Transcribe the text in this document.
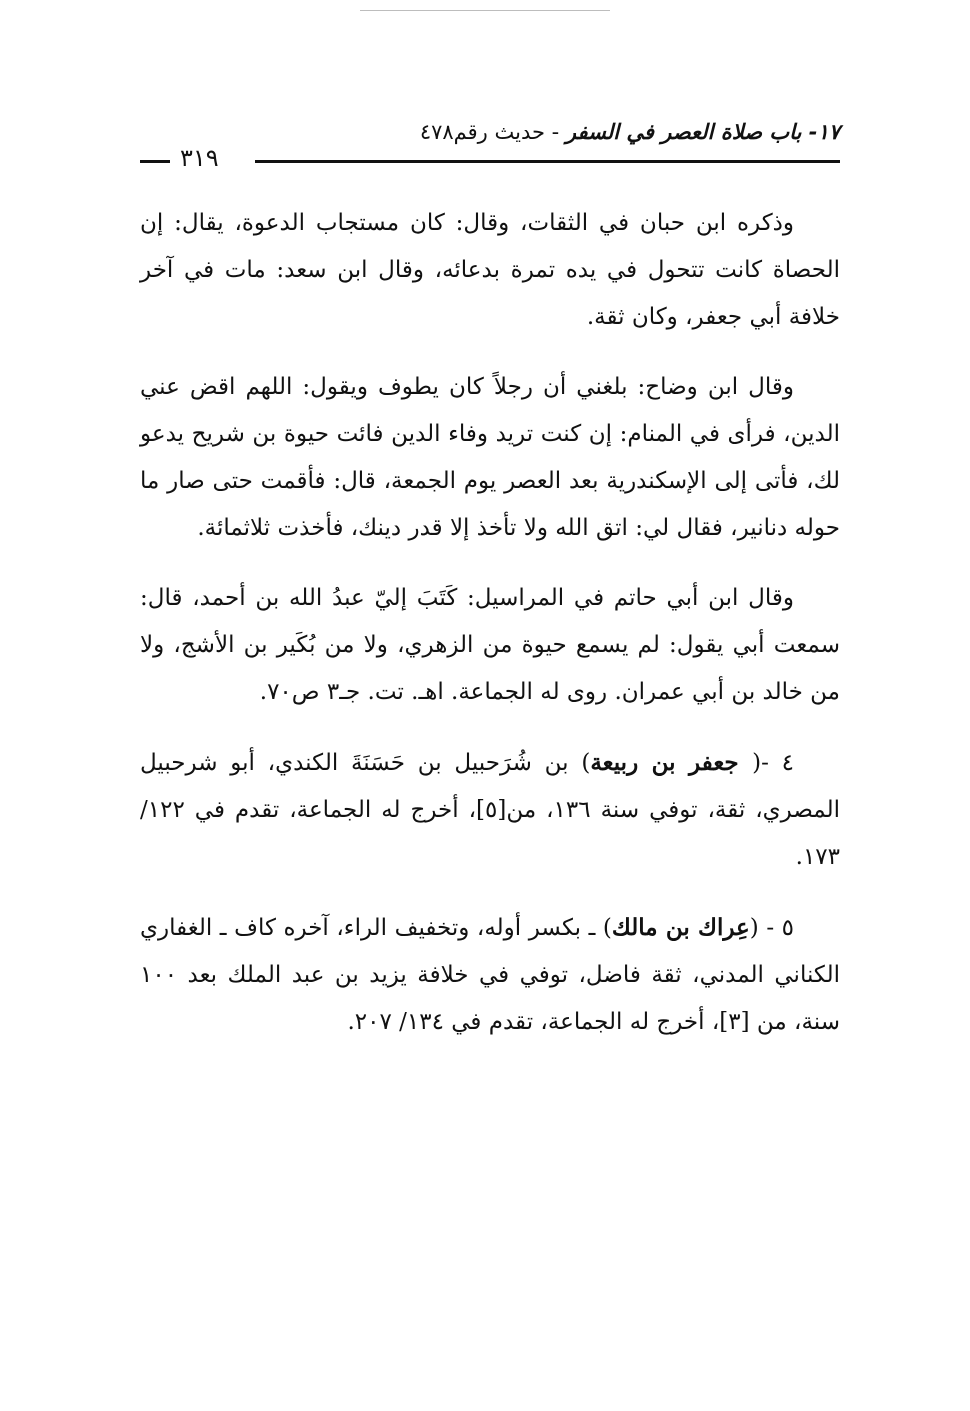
١٧- باب صلاة العصر في السفر - حديث رقم٤٧٨
٣١٩

وذكره ابن حبان في الثقات، وقال: كان مستجاب الدعوة، يقال: إن الحصاة كانت تتحول في يده تمرة بدعائه، وقال ابن سعد: مات في آخر خلافة أبي جعفر، وكان ثقة.

وقال ابن وضاح: بلغني أن رجلاً كان يطوف ويقول: اللهم اقض عني الدين، فرأى في المنام: إن كنت تريد وفاء الدين فائت حيوة بن شريح يدعو لك، فأتى إلى الإسكندرية بعد العصر يوم الجمعة، قال: فأقمت حتى صار ما حوله دنانير، فقال لي: اتق الله ولا تأخذ إلا قدر دينك، فأخذت ثلاثمائة.

وقال ابن أبي حاتم في المراسيل: كَتَبَ إليّ عبدُ الله بن أحمد، قال: سمعت أبي يقول: لم يسمع حيوة من الزهري، ولا من بُكَير بن الأشج، ولا من خالد بن أبي عمران. روى له الجماعة. اهـ. تت. جـ٣ ص٧٠.

٤ -( جعفر بن ربيعة) بن شُرَحبيل بن حَسَنَةَ الكندي، أبو شرحبيل المصري، ثقة، توفي سنة ١٣٦، من[٥]، أخرج له الجماعة، تقدم في ١٢٢/ ١٧٣.

٥ - (عِراك بن مالك) ـ بكسر أوله، وتخفيف الراء، آخره كاف ـ الغفاري الكناني المدني، ثقة فاضل، توفي في خلافة يزيد بن عبد الملك بعد ١٠٠ سنة، من [٣]، أخرج له الجماعة، تقدم في ١٣٤/ ٢٠٧.
